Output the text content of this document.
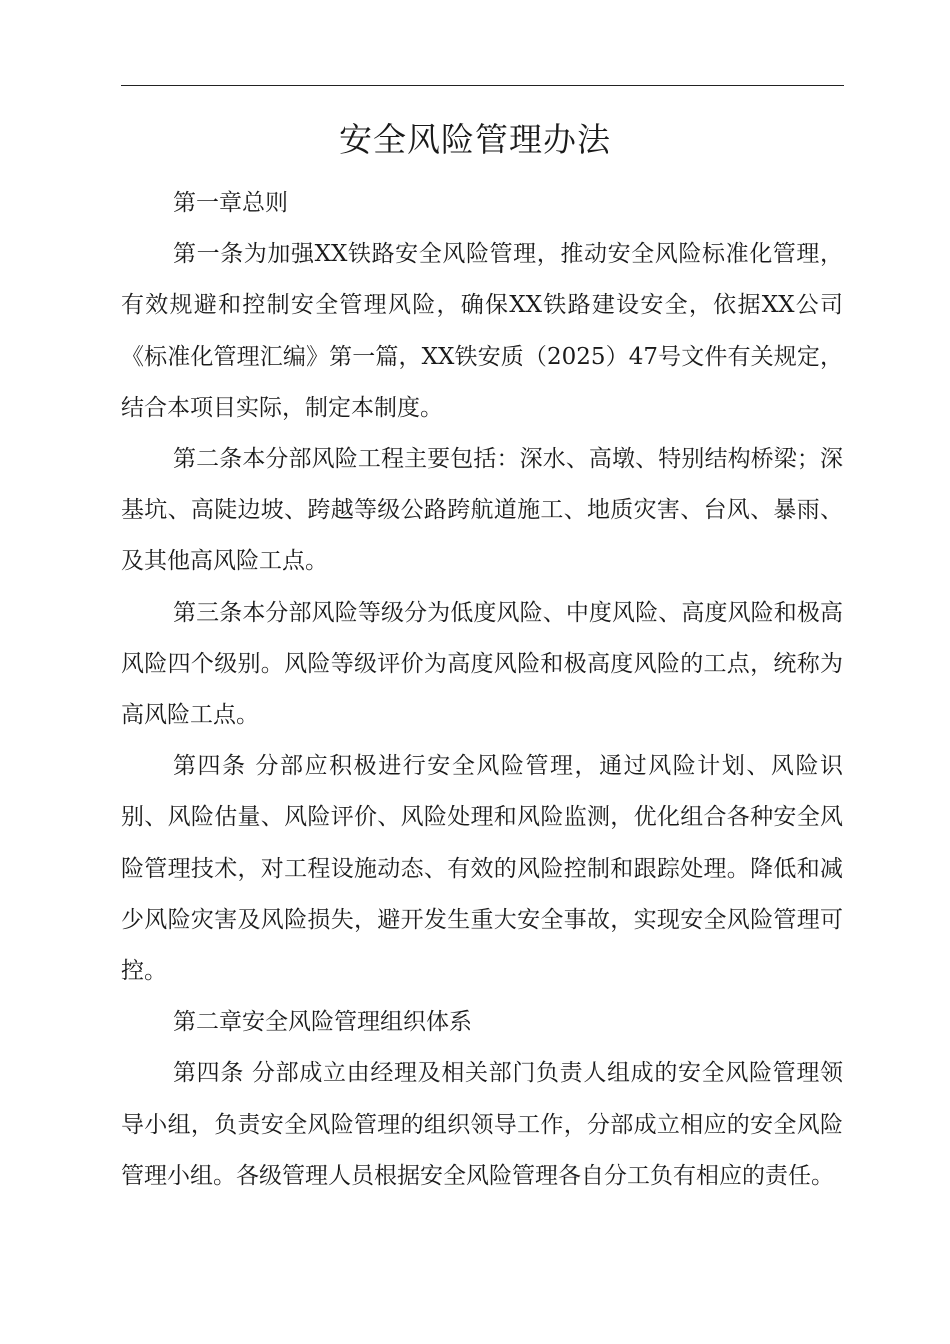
安全风险管理办法

第一章总则

第一条为加强XX铁路安全风险管理，推动安全风险标准化管理，有效规避和控制安全管理风险，确保XX铁路建设安全，依据XX公司《标准化管理汇编》第一篇，XX铁安质（2025）47号文件有关规定，结合本项目实际，制定本制度。

第二条本分部风险工程主要包括：深水、高墩、特别结构桥梁；深基坑、高陡边坡、跨越等级公路跨航道施工、地质灾害、台风、暴雨、及其他高风险工点。

第三条本分部风险等级分为低度风险、中度风险、高度风险和极高风险四个级别。风险等级评价为高度风险和极高度风险的工点，统称为高风险工点。

第四条 分部应积极进行安全风险管理，通过风险计划、风险识别、风险估量、风险评价、风险处理和风险监测，优化组合各种安全风险管理技术，对工程设施动态、有效的风险控制和跟踪处理。降低和减少风险灾害及风险损失，避开发生重大安全事故，实现安全风险管理可控。

第二章安全风险管理组织体系

第四条 分部成立由经理及相关部门负责人组成的安全风险管理领导小组，负责安全风险管理的组织领导工作，分部成立相应的安全风险管理小组。各级管理人员根据安全风险管理各自分工负有相应的责任。
